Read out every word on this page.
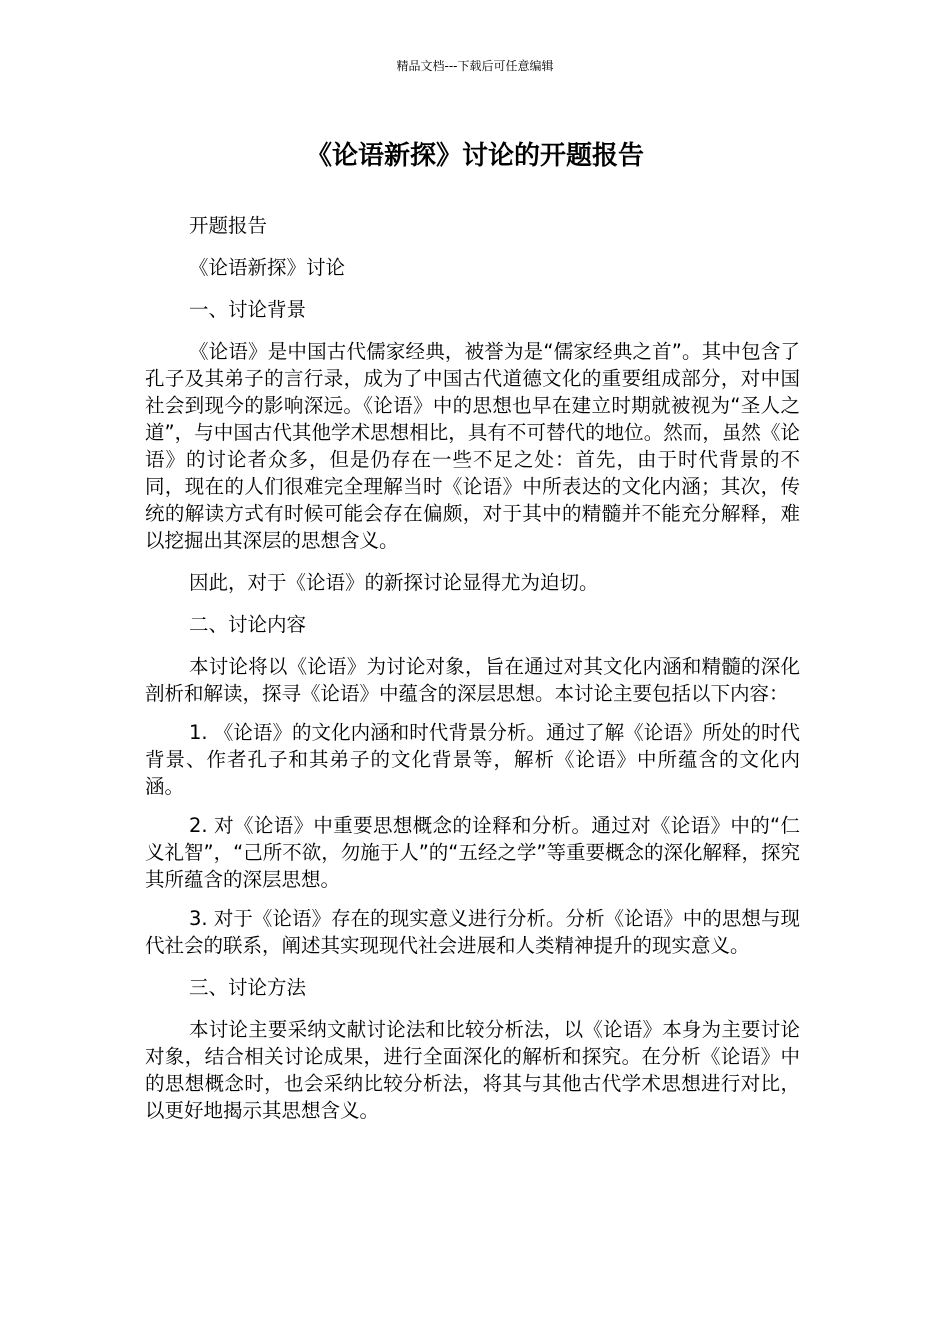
精品文档---下载后可任意编辑
《论语新探》讨论的开题报告

开题报告

《论语新探》讨论

一、讨论背景

《论语》是中国古代儒家经典，被誉为是“儒家经典之首”。其中包含了孔子及其弟子的言行录，成为了中国古代道德文化的重要组成部分，对中国社会到现今的影响深远。《论语》中的思想也早在建立时期就被视为“圣人之道”，与中国古代其他学术思想相比，具有不可替代的地位。然而，虽然《论语》的讨论者众多，但是仍存在一些不足之处：首先，由于时代背景的不同，现在的人们很难完全理解当时《论语》中所表达的文化内涵；其次，传统的解读方式有时候可能会存在偏颇，对于其中的精髓并不能充分解释，难以挖掘出其深层的思想含义。

因此，对于《论语》的新探讨论显得尤为迫切。

二、讨论内容

本讨论将以《论语》为讨论对象，旨在通过对其文化内涵和精髓的深化剖析和解读，探寻《论语》中蕴含的深层思想。本讨论主要包括以下内容：

1. 《论语》的文化内涵和时代背景分析。通过了解《论语》所处的时代背景、作者孔子和其弟子的文化背景等，解析《论语》中所蕴含的文化内涵。

2. 对《论语》中重要思想概念的诠释和分析。通过对《论语》中的“仁义礼智”，“己所不欲，勿施于人”的“五经之学”等重要概念的深化解释，探究其所蕴含的深层思想。

3. 对于《论语》存在的现实意义进行分析。分析《论语》中的思想与现代社会的联系，阐述其实现现代社会进展和人类精神提升的现实意义。

三、讨论方法

本讨论主要采纳文献讨论法和比较分析法，以《论语》本身为主要讨论对象，结合相关讨论成果，进行全面深化的解析和探究。在分析《论语》中的思想概念时，也会采纳比较分析法，将其与其他古代学术思想进行对比，以更好地揭示其思想含义。
